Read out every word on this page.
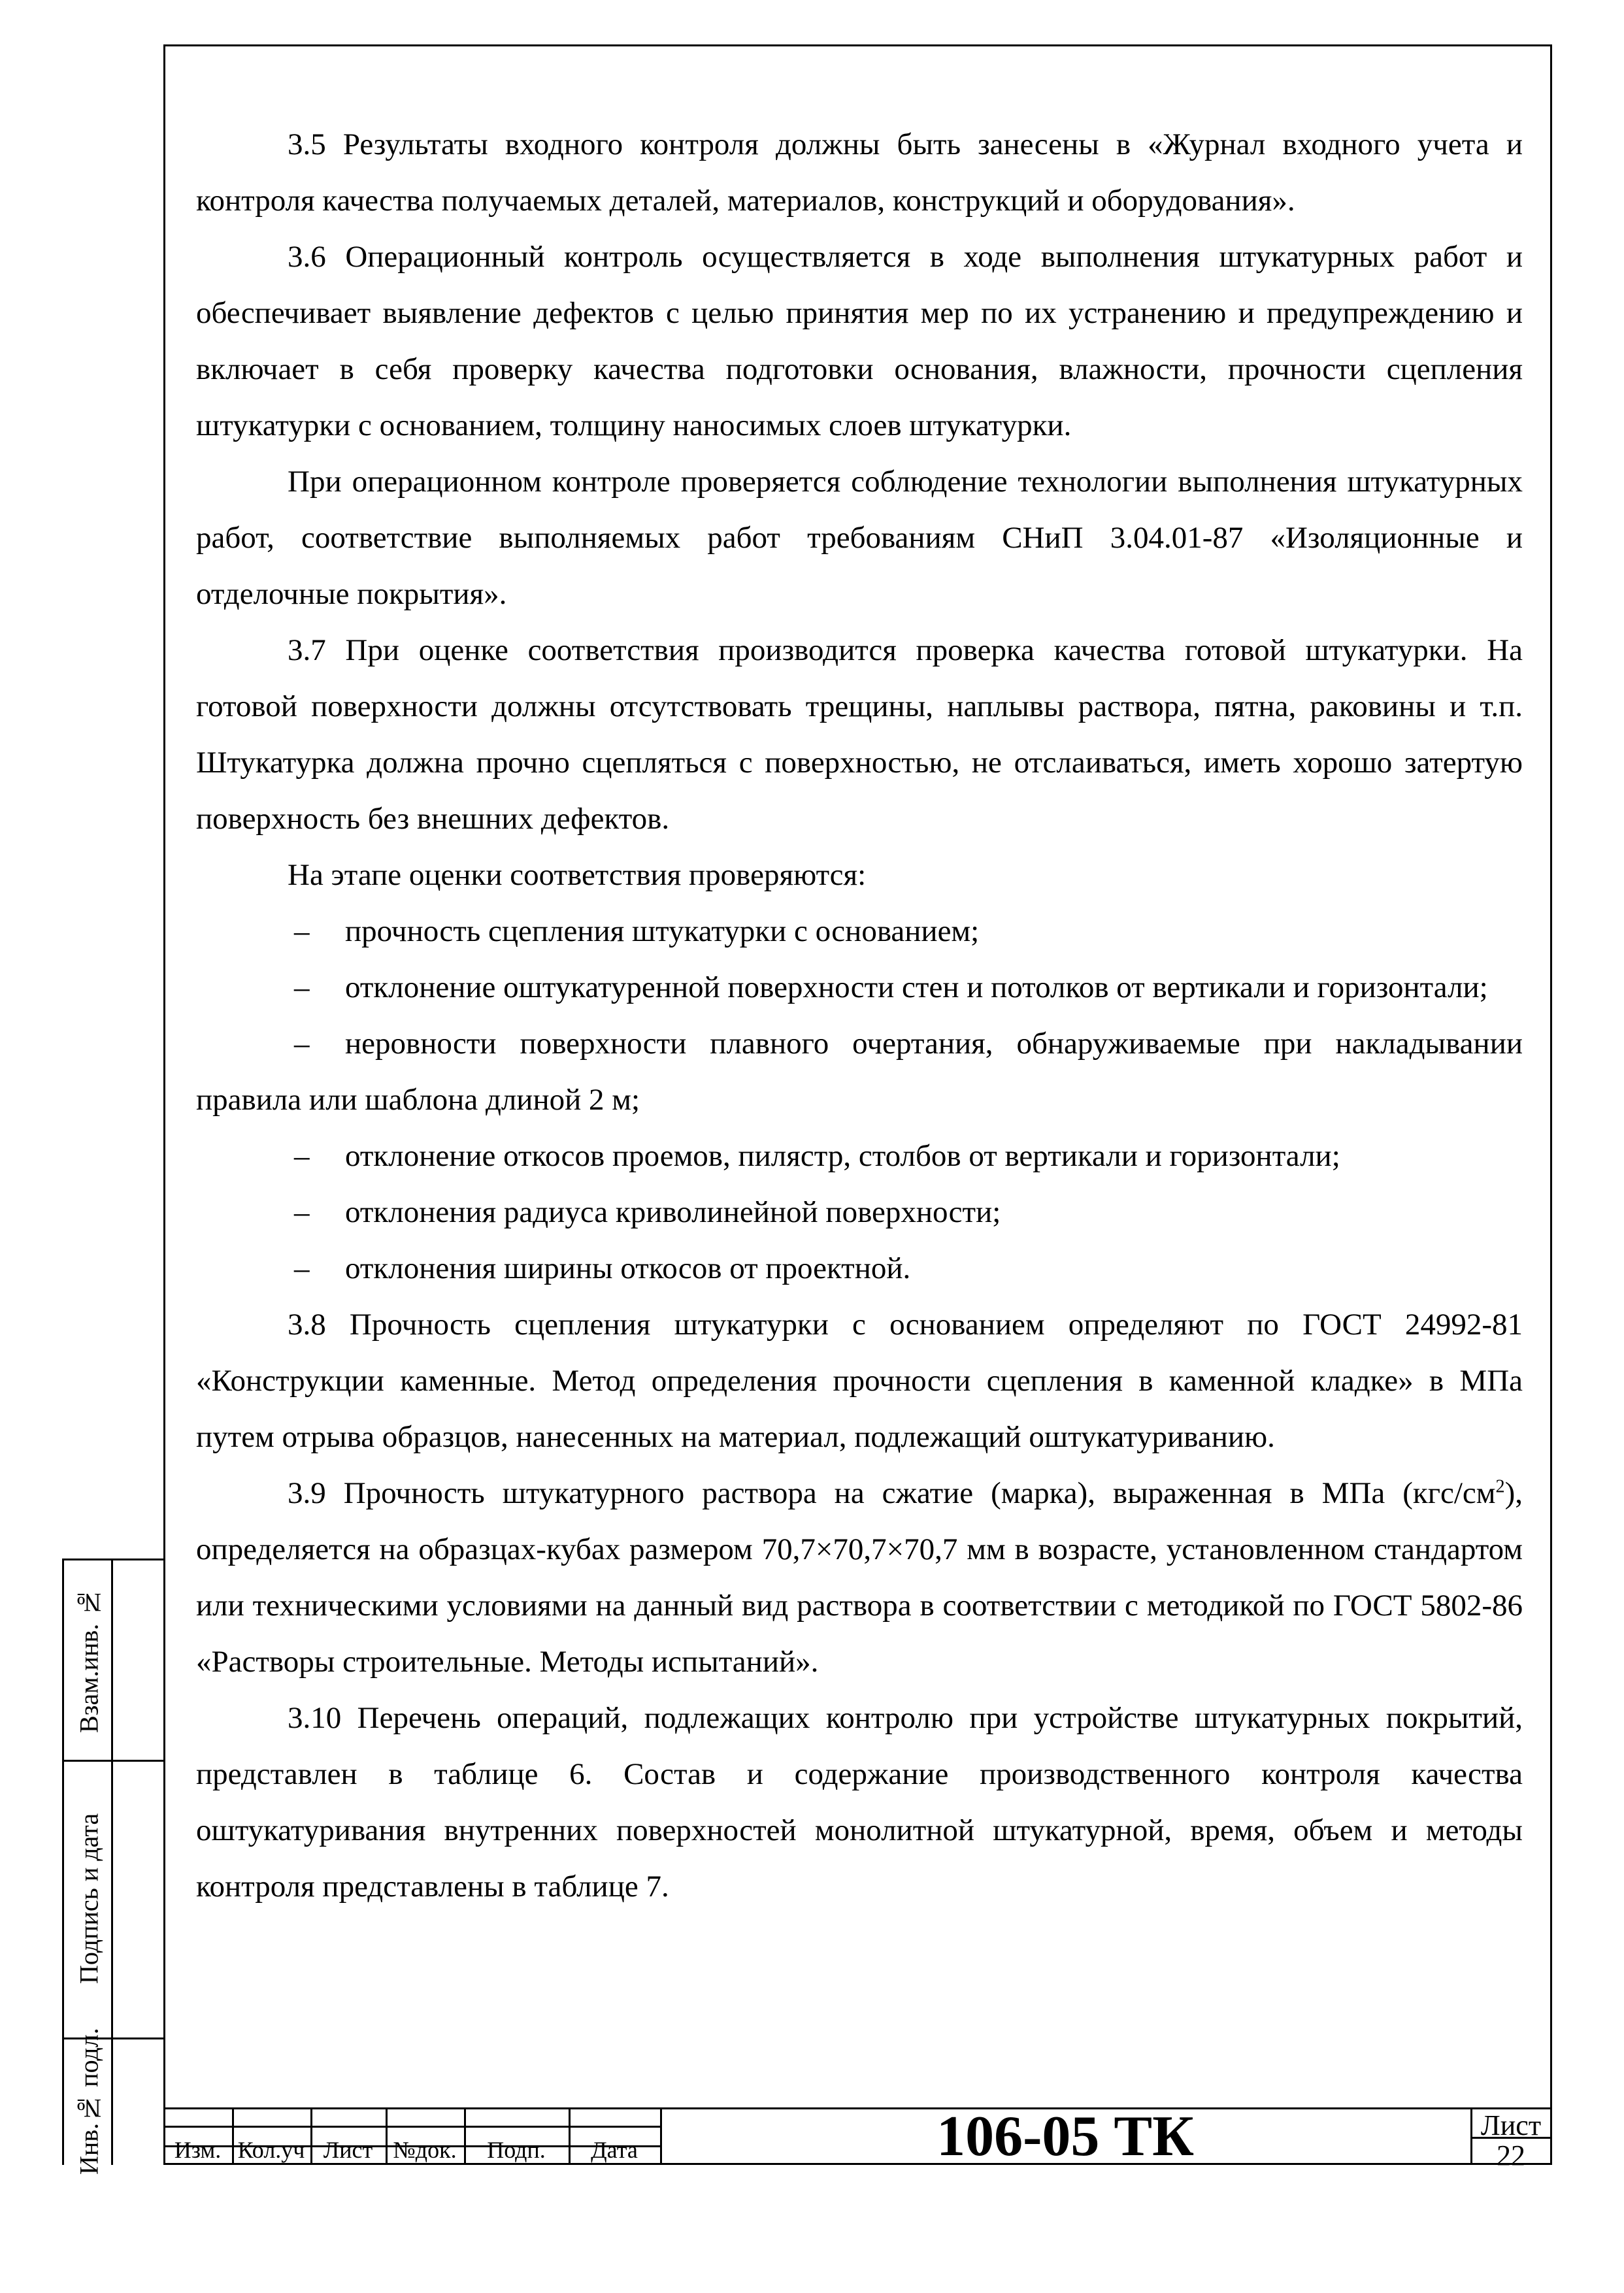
3.5 Результаты входного контроля должны быть занесены в «Журнал входного учета и контроля качества получаемых деталей, материалов, конструкций и оборудования».

3.6 Операционный контроль осуществляется в ходе выполнения штукатурных работ и обеспечивает выявление дефектов с целью принятия мер по их устранению и предупреждению и включает в себя проверку качества подготовки основания, влажности, прочности сцепления штукатурки с основанием, толщину наносимых слоев штукатурки.

При операционном контроле проверяется соблюдение технологии выполнения штукатурных работ, соответствие выполняемых работ требованиям СНиП 3.04.01-87 «Изоляционные и отделочные покрытия».

3.7 При оценке соответствия производится проверка качества готовой штукатурки. На готовой поверхности должны отсутствовать трещины, наплывы раствора, пятна, раковины и т.п. Штукатурка должна прочно сцепляться с поверхностью, не отслаиваться, иметь хорошо затертую поверхность без внешних дефектов.

На этапе оценки соответствия проверяются:

– прочность сцепления штукатурки с основанием;

– отклонение оштукатуренной поверхности стен и потолков от вертикали и горизонтали;

– неровности поверхности плавного очертания, обнаруживаемые при накладывании правила или шаблона длиной 2 м;

– отклонение откосов проемов, пилястр, столбов от вертикали и горизонтали;

– отклонения радиуса криволинейной поверхности;

– отклонения ширины откосов от проектной.

3.8 Прочность сцепления штукатурки с основанием определяют по ГОСТ 24992-81 «Конструкции каменные. Метод определения прочности сцепления в каменной кладке» в МПа путем отрыва образцов, нанесенных на материал, подлежащий оштукатуриванию.

3.9 Прочность штукатурного раствора на сжатие (марка), выраженная в МПа $(кгс/см^2)$, определяется на образцах-кубах размером 70,7×70,7×70,7 мм в возрасте, установленном стандартом или техническими условиями на данный вид раствора в соответствии с методикой по ГОСТ 5802-86 «Растворы строительные. Методы испытаний».

3.10 Перечень операций, подлежащих контролю при устройстве штукатурных покрытий, представлен в таблице 6. Состав и содержание производственного контроля качества оштукатуривания внутренних поверхностей монолитной штукатурной, время, объем и методы контроля представлены в таблице 7.

Взам.инв. №
Подпись и дата
Инв.№ подл.	Изм. Кол.уч Лист №док.	Подп.	Дата	106-05 ТК	Лист
22
